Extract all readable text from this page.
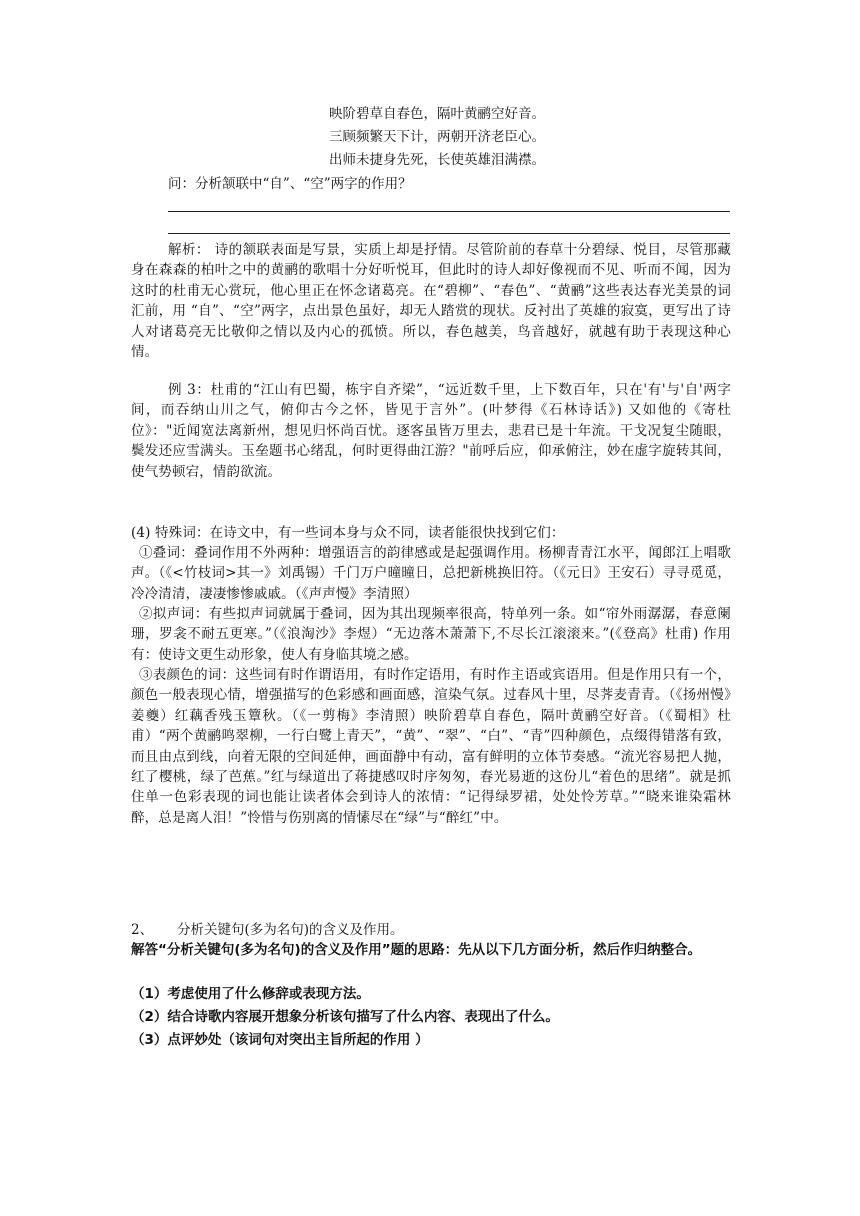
映阶碧草自春色，隔叶黄鹂空好音。
三顾频繁天下计，两朝开济老臣心。
出师未捷身先死，长使英雄泪满襟。
问：分析颔联中“自”、“空”两字的作用？
解析： 诗的颔联表面是写景，实质上却是抒情。尽管阶前的春草十分碧绿、悦目，尽管那藏身在森森的柏叶之中的黄鹂的歌唱十分好听悦耳，但此时的诗人却好像视而不见、听而不闻，因为这时的杜甫无心赏玩，他心里正在怀念诸葛亮。在“碧柳”、“春色”、“黄鹂”这些表达春光美景的词汇前，用 “自”、“空”两字，点出景色虽好，却无人踏赏的现状。反衬出了英雄的寂寞，更写出了诗人对诸葛亮无比敬仰之情以及内心的孤愤。所以，春色越美，鸟音越好，就越有助于表现这种心情。
例 3：杜甫的“江山有巴蜀，栋宇自齐梁”，“远近数千里，上下数百年，只在'有'与'自'两字间，而吞纳山川之气，俯仰古今之怀，皆见于言外”。(叶梦得《石林诗话》) 又如他的《寄杜位》："近闻宽法离新州，想见归怀尚百忧。逐客虽皆万里去，悲君已是十年流。干戈况复尘随眼，鬓发还应雪满头。玉垒题书心绪乱，何时更得曲江游？"前呼后应，仰承俯注，妙在虚字旋转其间，使气势顿宕，情韵欲流。
(4) 特殊词：在诗文中，有一些词本身与众不同，读者能很快找到它们：
①叠词：叠词作用不外两种：增强语言的韵律感或是起强调作用。杨柳青青江水平，闻郎江上唱歌声。（《<竹枝词>其一》刘禹锡）千门万户曈曈日，总把新桃换旧符。（《元日》王安石）寻寻觅觅，冷冷清清，凄凄惨惨戚戚。（《声声慢》李清照）
②拟声词：有些拟声词就属于叠词，因为其出现频率很高，特单列一条。如“帘外雨潺潺，春意阑珊，罗衾不耐五更寒。”（《浪淘沙》李煜）“无边落木萧萧下,不尽长江滚滚来。”(《登高》杜甫) 作用有：使诗文更生动形象，使人有身临其境之感。
③表颜色的词：这些词有时作谓语用，有时作定语用，有时作主语或宾语用。但是作用只有一个，颜色一般表现心情，增强描写的色彩感和画面感，渲染气氛。过春风十里，尽荠麦青青。（《扬州慢》姜夔）红藕香残玉簟秋。（《一剪梅》李清照）映阶碧草自春色，隔叶黄鹂空好音。（《蜀相》杜甫）“两个黄鹂鸣翠柳，一行白鹭上青天”，“黄”、“翠”、“白”、“青”四种颜色，点缀得错落有致，而且由点到线，向着无限的空间延伸，画面静中有动，富有鲜明的立体节奏感。“流光容易把人抛，红了樱桃，绿了芭蕉。”红与绿道出了蒋捷感叹时序匆匆，春光易逝的这份儿“着色的思绪”。就是抓住单一色彩表现的词也能让读者体会到诗人的浓情：“记得绿罗裙，处处怜芳草。”“晓来谁染霜林醉，总是离人泪！”怜惜与伤别离的情愫尽在“绿”与“醉红”中。
2、 分析关键句(多为名句)的含义及作用。
解答“分析关键句(多为名句)的含义及作用”题的思路：先从以下几方面分析，然后作归纳整合。
（1）考虑使用了什么修辞或表现方法。
（2）结合诗歌内容展开想象分析该句描写了什么内容、表现出了什么。
（3）点评妙处（该词句对突出主旨所起的作用 ）
